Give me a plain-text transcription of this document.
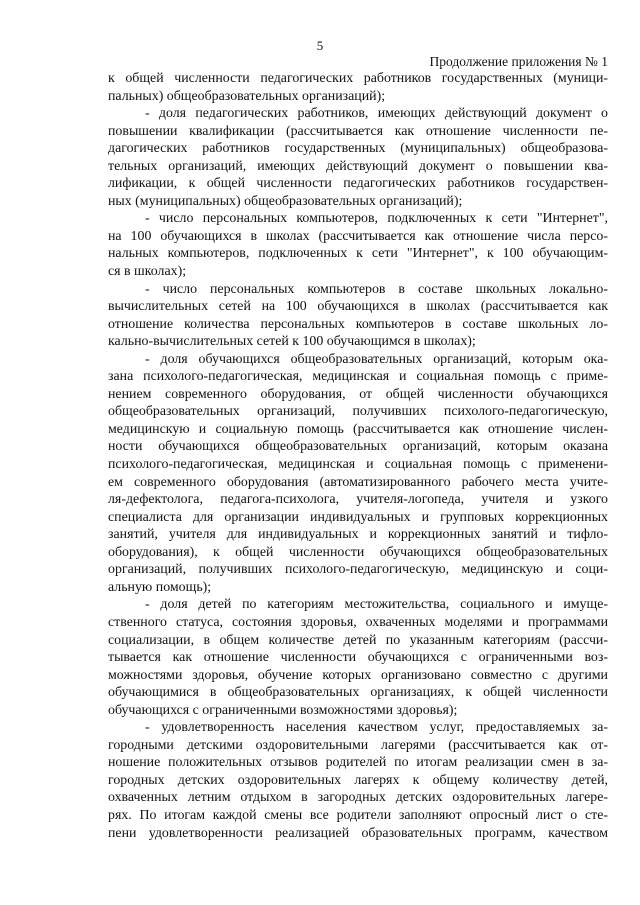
5
Продолжение приложения № 1
к общей численности педагогических работников государственных (муници-
пальных) общеобразовательных организаций);
- доля педагогических работников, имеющих действующий документ о
повышении квалификации (рассчитывается как отношение численности пе-
дагогических работников государственных (муниципальных) общеобразова-
тельных организаций, имеющих действующий документ о повышении ква-
лификации, к общей численности педагогических работников государствен-
ных (муниципальных) общеобразовательных организаций);
- число персональных компьютеров, подключенных к сети "Интернет",
на 100 обучающихся в школах (рассчитывается как отношение числа персо-
нальных компьютеров, подключенных к сети "Интернет", к 100 обучающим-
ся в школах);
- число персональных компьютеров в составе школьных локально-
вычислительных сетей на 100 обучающихся в школах (рассчитывается как
отношение количества персональных компьютеров в составе школьных ло-
кально-вычислительных сетей к 100 обучающимся в школах);
- доля обучающихся общеобразовательных организаций, которым ока-
зана психолого-педагогическая, медицинская и социальная помощь с приме-
нением современного оборудования, от общей численности обучающихся
общеобразовательных организаций, получивших психолого-педагогическую,
медицинскую и социальную помощь (рассчитывается как отношение числен-
ности обучающихся общеобразовательных организаций, которым оказана
психолого-педагогическая, медицинская и социальная помощь с применени-
ем современного оборудования (автоматизированного рабочего места учите-
ля-дефектолога, педагога-психолога, учителя-логопеда, учителя и узкого
специалиста для организации индивидуальных и групповых коррекционных
занятий, учителя для индивидуальных и коррекционных занятий и тифло-
оборудования), к общей численности обучающихся общеобразовательных
организаций, получивших психолого-педагогическую, медицинскую и соци-
альную помощь);
- доля детей по категориям местожительства, социального и имуще-
ственного статуса, состояния здоровья, охваченных моделями и программами
социализации, в общем количестве детей по указанным категориям (рассчи-
тывается как отношение численности обучающихся с ограниченными воз-
можностями здоровья, обучение которых организовано совместно с другими
обучающимися в общеобразовательных организациях, к общей численности
обучающихся с ограниченными возможностями здоровья);
- удовлетворенность населения качеством услуг, предоставляемых за-
городными детскими оздоровительными лагерями (рассчитывается как от-
ношение положительных отзывов родителей по итогам реализации смен в за-
городных детских оздоровительных лагерях к общему количеству детей,
охваченных летним отдыхом в загородных детских оздоровительных лагере-
рях. По итогам каждой смены все родители заполняют опросный лист о сте-
пени удовлетворенности реализацией образовательных программ, качеством
